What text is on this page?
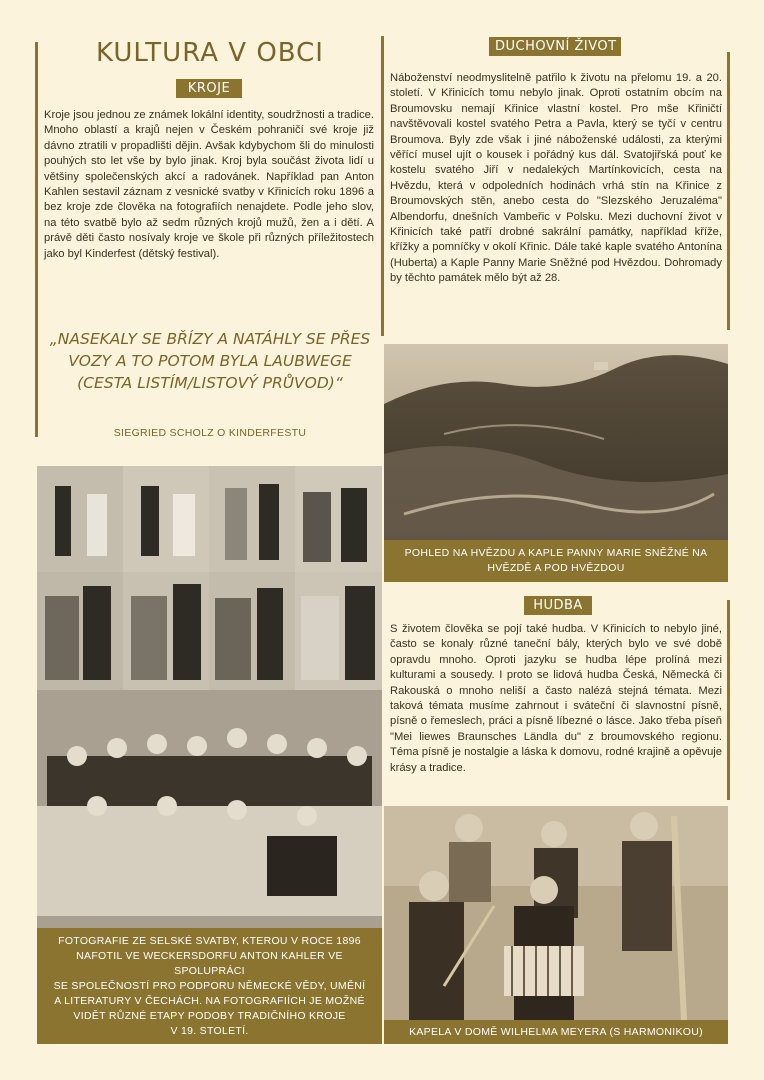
KULTURA V OBCI
KROJE
Kroje jsou jednou ze známek lokální identity, soudržnosti a tradice. Mnoho oblastí a krajů nejen v Českém pohraničí své kroje již dávno ztratili v propadlišti dějin. Avšak kdybychom šli do minulosti pouhých sto let vše by bylo jinak. Kroj byla součást života lidí u většiny společenských akcí a radovánek. Například pan Anton Kahlen sestavil záznam z vesnické svatby v Křinicích roku 1896 a bez kroje zde člověka na fotografiích nenajdete. Podle jeho slov, na této svatbě bylo až sedm různých krojů mužů, žen a i dětí. A právě děti často nosívaly kroje ve škole při různých příležitostech jako byl Kinderfest (dětský festival).
„NASEKALY SE BŘÍZY A NATÁHLY SE PŘES VOZY A TO POTOM BYLA LAUBWEGE (CESTA LISTÍM/LISTOVÝ PRŮVOD)“
SIEGRIED SCHOLZ O KINDERFESTU
DUCHOVNÍ ŽIVOT
Náboženství neodmyslitelně patřilo k životu na přelomu 19. a 20. století. V Křinicích tomu nebylo jinak. Oproti ostatním obcím na Broumovsku nemají Křinice vlastní kostel. Pro mše Křiničtí navštěvovali kostel svatého Petra a Pavla, který se tyčí v centru Broumova. Byly zde však i jiné náboženské události, za kterými věřící musel ujít o kousek i pořádný kus dál. Svatojiřská pouť ke kostelu svatého Jiří v nedalekých Martínkovicích, cesta na Hvězdu, která v odpoledních hodinách vrhá stín na Křinice z Broumovských stěn, anebo cesta do "Slezského Jeruzaléma" Albendorfu, dnešních Vambeřic v Polsku. Mezi duchovní život v Křinicích také patří drobné sakrální památky, například kříže, křížky a pomníčky v okolí Křinic. Dále také kaple svatého Antonína (Huberta) a Kaple Panny Marie Sněžné pod Hvězdou. Dohromady by těchto památek mělo být až 28.
POHLED NA HVĚZDU A KAPLE PANNY MARIE SNĚŽNÉ NA
HVĚZDĚ A POD HVĚZDOU
HUDBA
S životem člověka se pojí také hudba. V Křinicích to nebylo jiné, často se konaly různé taneční bály, kterých bylo ve své době opravdu mnoho. Oproti jazyku se hudba lépe prolíná mezi kulturami a sousedy. I proto se lidová hudba Česká, Německá či Rakouská o mnoho neliší a často nalézá stejná témata. Mezi taková témata musíme zahrnout i sváteční či slavnostní písně, písně o řemeslech, práci a písně líbezné o lásce. Jako třeba píseň "Mei liewes Braunsches Ländla du" z broumovského regionu. Téma písně je nostalgie a láska k domovu, rodné krajině a opěvuje krásy a tradice.
KAPELA V DOMĚ WILHELMA MEYERA (S HARMONIKOU)
FOTOGRAFIE ZE SELSKÉ SVATBY, KTEROU V ROCE 1896
NAFOTIL VE WECKERSDORFU ANTON KAHLER VE SPOLUPRÁCI
SE SPOLEČNOSTÍ PRO PODPORU NĚMECKÉ VĚDY, UMĚNÍ
A LITERATURY V ČECHÁCH. NA FOTOGRAFIÍCH JE MOŽNÉ
VIDĚT RŮZNÉ ETAPY PODOBY TRADIČNÍHO KROJE
V 19. STOLETÍ.
